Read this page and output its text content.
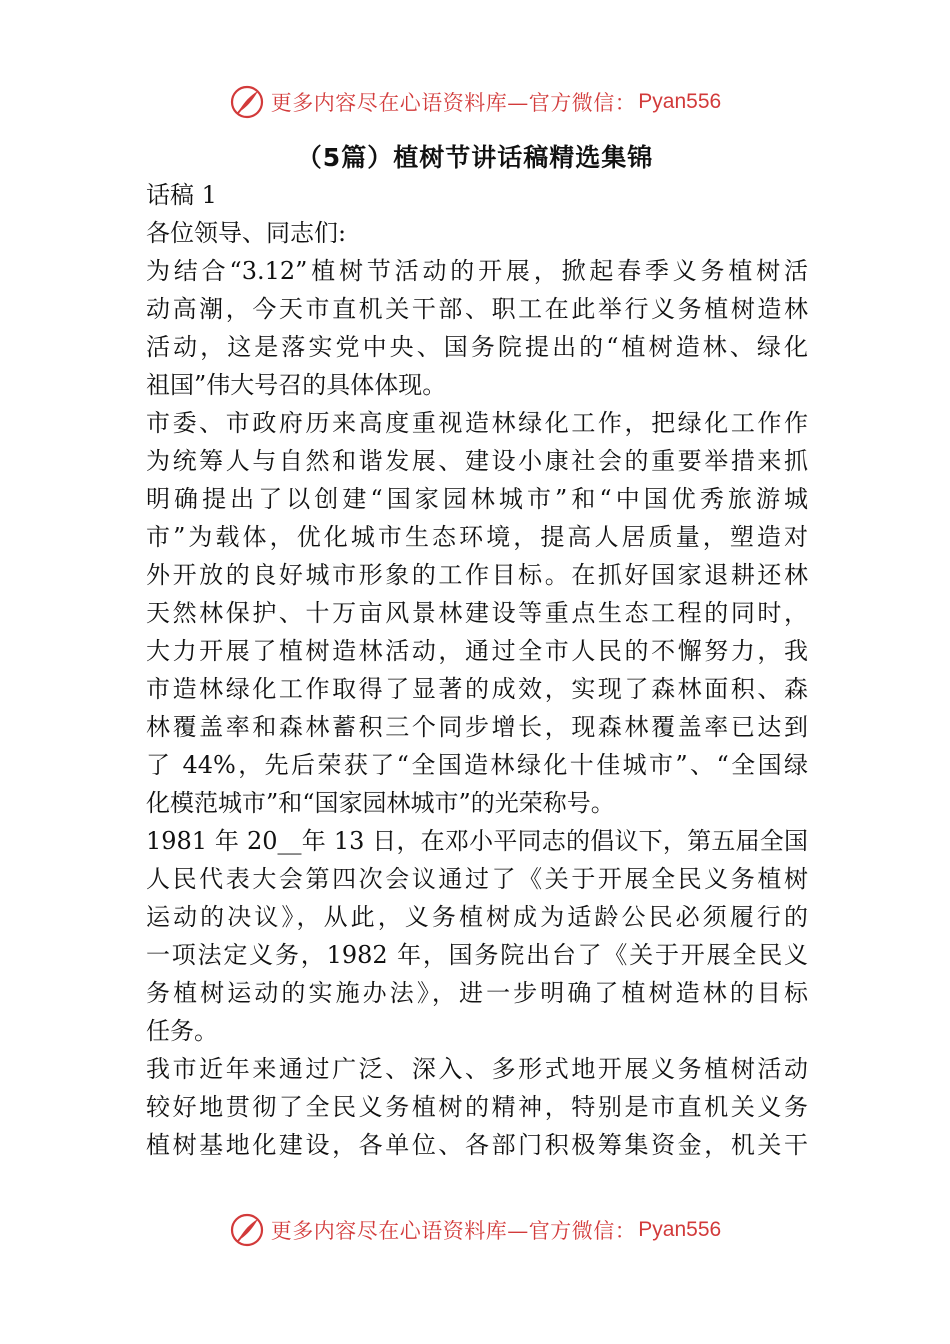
更多内容尽在心语资料库—官方微信： Pyan556
（5篇）植树节讲话稿精选集锦
话稿 1
各位领导、同志们:
为结合“3.12”植树节活动的开展，掀起春季义务植树活
动高潮，今天市直机关干部、职工在此举行义务植树造林
活动，这是落实党中央、国务院提出的“植树造林、绿化
祖国”伟大号召的具体体现。
市委、市政府历来高度重视造林绿化工作，把绿化工作作
为统筹人与自然和谐发展、建设小康社会的重要举措来抓
明确提出了以创建“国家园林城市”和“中国优秀旅游城
市”为载体，优化城市生态环境，提高人居质量，塑造对
外开放的良好城市形象的工作目标。在抓好国家退耕还林
天然林保护、十万亩风景林建设等重点生态工程的同时，
大力开展了植树造林活动，通过全市人民的不懈努力，我
市造林绿化工作取得了显著的成效，实现了森林面积、森
林覆盖率和森林蓄积三个同步增长，现森林覆盖率已达到
了 44%，先后荣获了“全国造林绿化十佳城市”、“全国绿
化模范城市”和“国家园林城市”的光荣称号。
1981 年 20__年 13 日，在邓小平同志的倡议下，第五届全国
人民代表大会第四次会议通过了《关于开展全民义务植树
运动的决议》，从此，义务植树成为适龄公民必须履行的
一项法定义务，1982 年，国务院出台了《关于开展全民义
务植树运动的实施办法》，进一步明确了植树造林的目标
任务。
我市近年来通过广泛、深入、多形式地开展义务植树活动
较好地贯彻了全民义务植树的精神，特别是市直机关义务
植树基地化建设，各单位、各部门积极筹集资金，机关干
更多内容尽在心语资料库—官方微信： Pyan556
